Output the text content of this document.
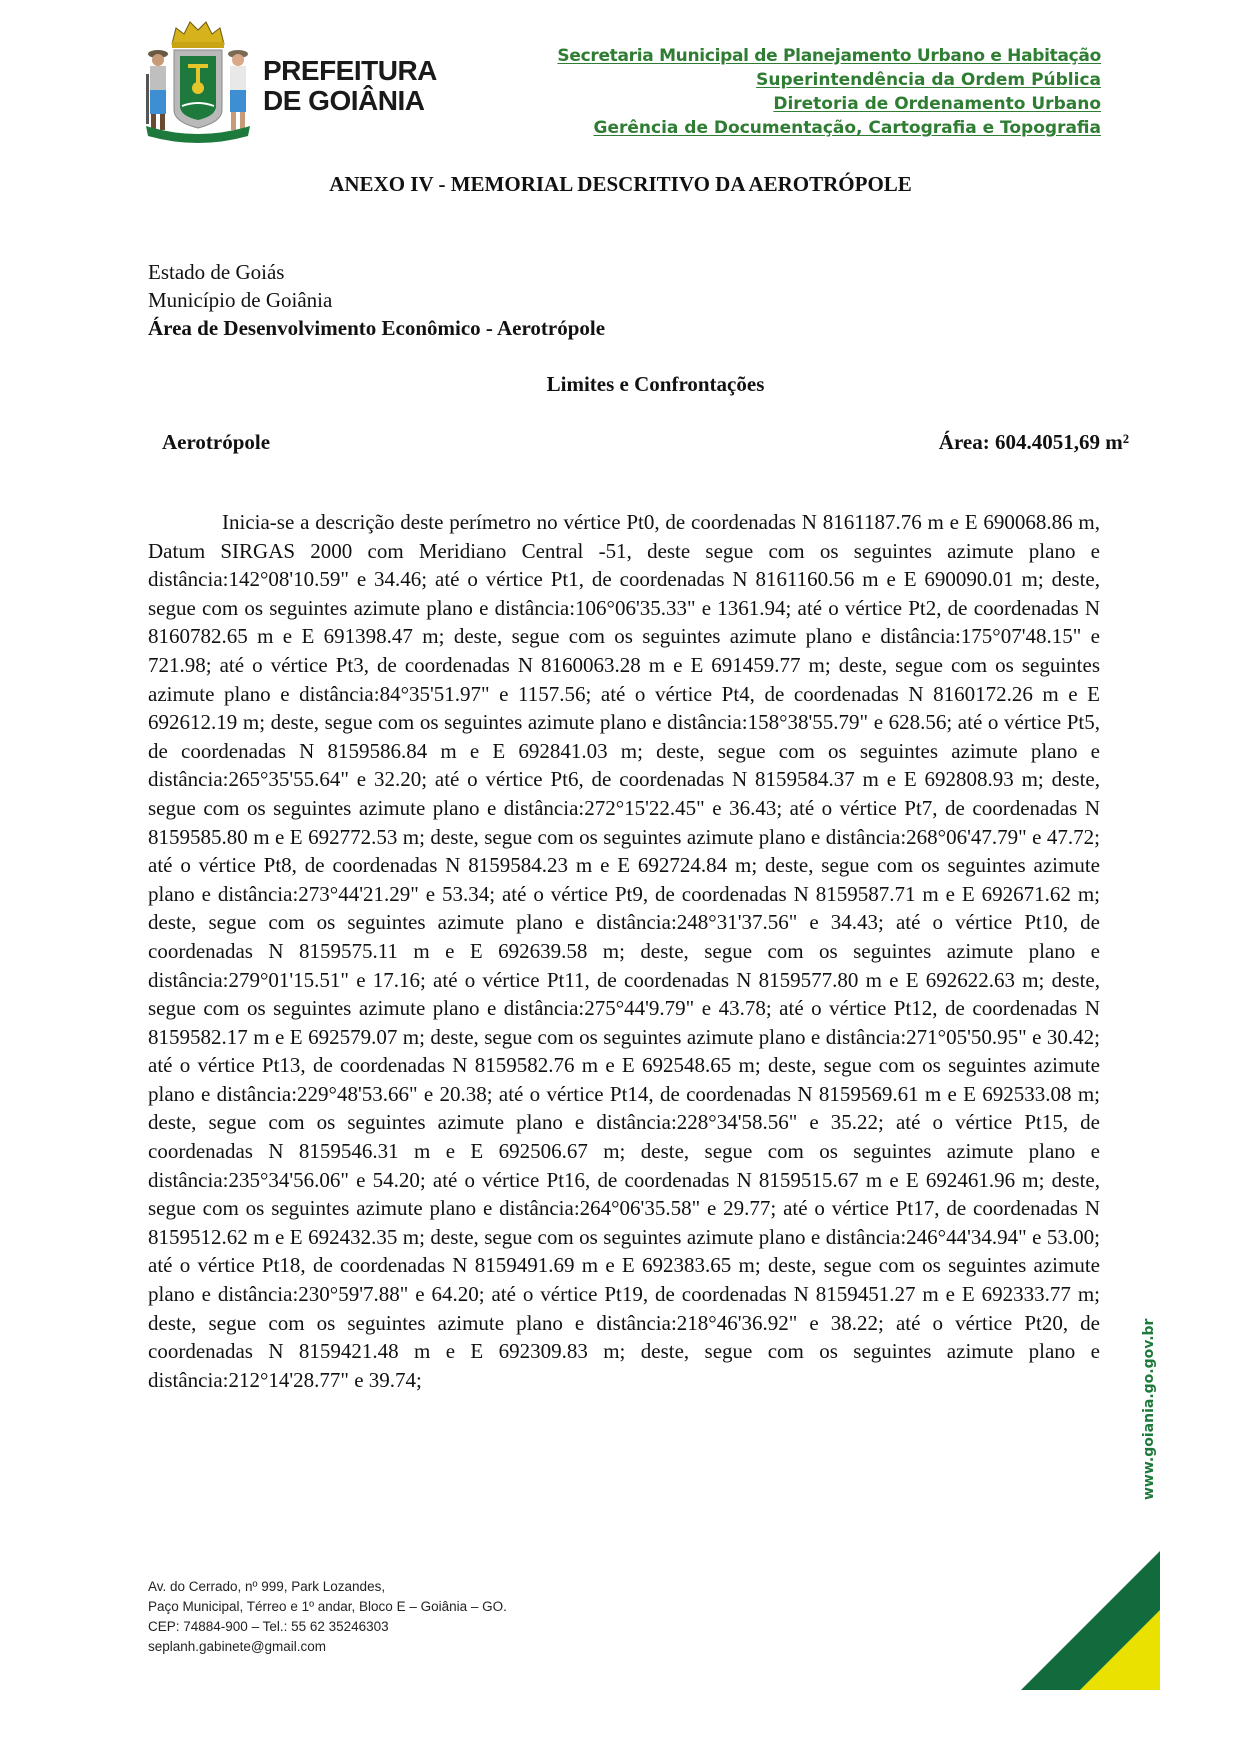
PREFEITURA
DE GOIÂNIA
Secretaria Municipal de Planejamento Urbano e Habitação
Superintendência da Ordem Pública
Diretoria de Ordenamento Urbano
Gerência de Documentação, Cartografia e Topografia
ANEXO IV - MEMORIAL DESCRITIVO DA AEROTRÓPOLE
Estado de Goiás
Município de Goiânia
Área de Desenvolvimento Econômico - Aerotrópole
Limites e Confrontações
Aerotrópole	Área: 604.4051,69 m²

Inicia-se a descrição deste perímetro no vértice Pt0, de coordenadas N 8161187.76 m e E 690068.86 m, Datum SIRGAS 2000 com Meridiano Central -51, deste segue com os seguintes azimute plano e distância:142°08'10.59" e 34.46; até o vértice Pt1, de coordenadas N 8161160.56 m e E 690090.01 m; deste, segue com os seguintes azimute plano e distância:106°06'35.33" e 1361.94; até o vértice Pt2, de coordenadas N 8160782.65 m e E 691398.47 m; deste, segue com os seguintes azimute plano e distância:175°07'48.15" e 721.98; até o vértice Pt3, de coordenadas N 8160063.28 m e E 691459.77 m; deste, segue com os seguintes azimute plano e distância:84°35'51.97" e 1157.56; até o vértice Pt4, de coordenadas N 8160172.26 m e E 692612.19 m; deste, segue com os seguintes azimute plano e distância:158°38'55.79" e 628.56; até o vértice Pt5, de coordenadas N 8159586.84 m e E 692841.03 m; deste, segue com os seguintes azimute plano e distância:265°35'55.64" e 32.20; até o vértice Pt6, de coordenadas N 8159584.37 m e E 692808.93 m; deste, segue com os seguintes azimute plano e distância:272°15'22.45" e 36.43; até o vértice Pt7, de coordenadas N 8159585.80 m e E 692772.53 m; deste, segue com os seguintes azimute plano e distância:268°06'47.79" e 47.72; até o vértice Pt8, de coordenadas N 8159584.23 m e E 692724.84 m; deste, segue com os seguintes azimute plano e distância:273°44'21.29" e 53.34; até o vértice Pt9, de coordenadas N 8159587.71 m e E 692671.62 m; deste, segue com os seguintes azimute plano e distância:248°31'37.56" e 34.43; até o vértice Pt10, de coordenadas N 8159575.11 m e E 692639.58 m; deste, segue com os seguintes azimute plano e distância:279°01'15.51" e 17.16; até o vértice Pt11, de coordenadas N 8159577.80 m e E 692622.63 m; deste, segue com os seguintes azimute plano e distância:275°44'9.79" e 43.78; até o vértice Pt12, de coordenadas N 8159582.17 m e E 692579.07 m; deste, segue com os seguintes azimute plano e distância:271°05'50.95" e 30.42; até o vértice Pt13, de coordenadas N 8159582.76 m e E 692548.65 m; deste, segue com os seguintes azimute plano e distância:229°48'53.66" e 20.38; até o vértice Pt14, de coordenadas N 8159569.61 m e E 692533.08 m; deste, segue com os seguintes azimute plano e distância:228°34'58.56" e 35.22; até o vértice Pt15, de coordenadas N 8159546.31 m e E 692506.67 m; deste, segue com os seguintes azimute plano e distância:235°34'56.06" e 54.20; até o vértice Pt16, de coordenadas N 8159515.67 m e E 692461.96 m; deste, segue com os seguintes azimute plano e distância:264°06'35.58" e 29.77; até o vértice Pt17, de coordenadas N 8159512.62 m e E 692432.35 m; deste, segue com os seguintes azimute plano e distância:246°44'34.94" e 53.00; até o vértice Pt18, de coordenadas N 8159491.69 m e E 692383.65 m; deste, segue com os seguintes azimute plano e distância:230°59'7.88" e 64.20; até o vértice Pt19, de coordenadas N 8159451.27 m e E 692333.77 m; deste, segue com os seguintes azimute plano e distância:218°46'36.92" e 38.22; até o vértice Pt20, de coordenadas N 8159421.48 m e E 692309.83 m; deste, segue com os seguintes azimute plano e distância:212°14'28.77" e 39.74;

Av. do Cerrado, nº 999, Park Lozandes,
Paço Municipal, Térreo e 1º andar, Bloco E – Goiânia – GO.
CEP: 74884-900 – Tel.: 55 62 35246303
seplanh.gabinete@gmail.com
www.goiania.go.gov.br
